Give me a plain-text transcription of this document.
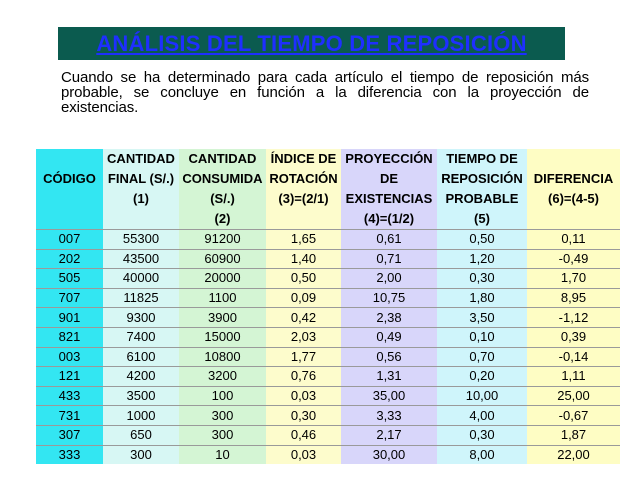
ANÁLISIS DEL TIEMPO DE REPOSICIÓN
Cuando se ha determinado para cada artículo el tiempo de reposición más probable, se concluye en función a la diferencia con la proyección de existencias.
	CANTIDAD	CANTIDAD	ÍNDICE DE	PROYECCIÓN	TIEMPO DE	
CÓDIGO	FINAL (S/.)	CONSUMIDA	ROTACIÓN	DE	REPOSICIÓN	DIFERENCIA
	(1)	(S/.)	(3)=(2/1)	EXISTENCIAS	PROBABLE	(6)=(4-5)
		(2)		(4)=(1/2)	(5)	
007	55300	91200	1,65	0,61	0,50	0,11
202	43500	60900	1,40	0,71	1,20	-0,49
505	40000	20000	0,50	2,00	0,30	1,70
707	11825	1100	0,09	10,75	1,80	8,95
901	9300	3900	0,42	2,38	3,50	-1,12
821	7400	15000	2,03	0,49	0,10	0,39
003	6100	10800	1,77	0,56	0,70	-0,14
121	4200	3200	0,76	1,31	0,20	1,11
433	3500	100	0,03	35,00	10,00	25,00
731	1000	300	0,30	3,33	4,00	-0,67
307	650	300	0,46	2,17	0,30	1,87
333	300	10	0,03	30,00	8,00	22,00
